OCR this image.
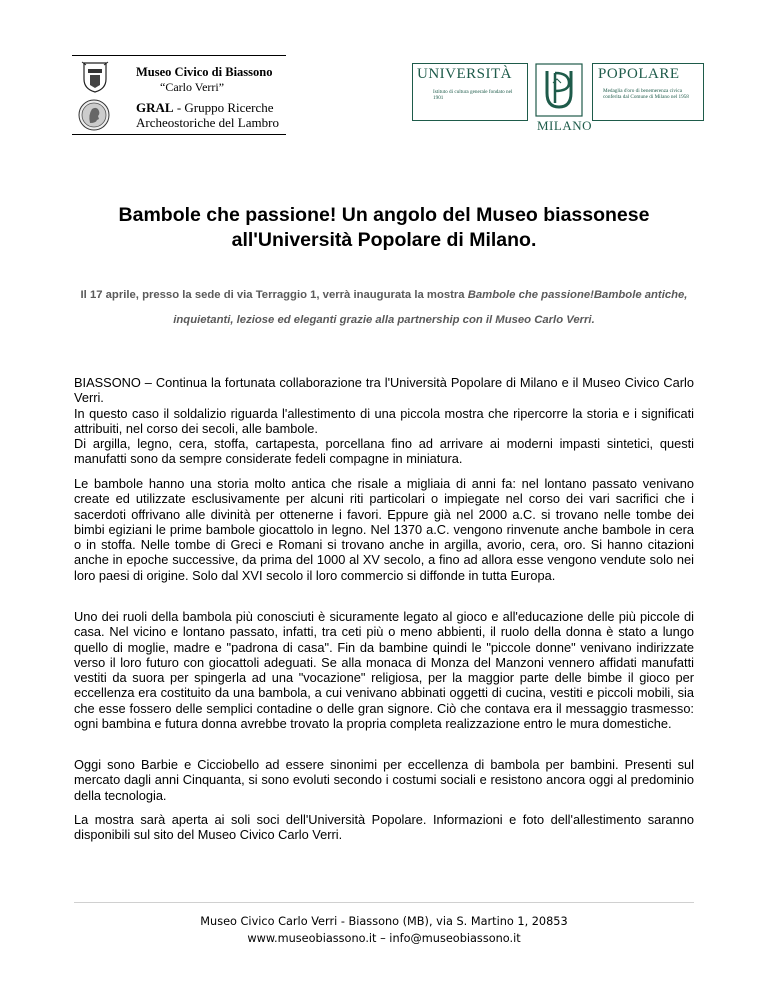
Museo Civico di Biassono
“Carlo Verri”
GRAL - Gruppo Ricerche
Archeostoriche del Lambro
UNIVERSITÀ
Istituto di cultura generale fondato nel 1901
MILANO
POPOLARE
Medaglia d'oro di benemerenza civica conferita dal Comune di Milano nel 1958
Bambole che passione! Un angolo del Museo biassonese
all'Università Popolare di Milano.
Il 17 aprile, presso la sede di via Terraggio 1, verrà inaugurata la mostra Bambole che passione!Bambole antiche, inquietanti, leziose ed eleganti grazie alla partnership con il Museo Carlo Verri.

BIASSONO – Continua la fortunata collaborazione tra l'Università Popolare di Milano e il Museo Civico Carlo Verri.

In questo caso il soldalizio riguarda l'allestimento di una piccola mostra che ripercorre la storia e i significati attribuiti, nel corso dei secoli, alle bambole.

Di argilla, legno, cera, stoffa, cartapesta, porcellana fino ad arrivare ai moderni impasti sintetici, questi manufatti sono da sempre considerate fedeli compagne in miniatura.

Le bambole hanno una storia molto antica che risale a migliaia di anni fa: nel lontano passato venivano create ed utilizzate esclusivamente per alcuni riti particolari o impiegate nel corso dei vari sacrifici che i sacerdoti offrivano alle divinità per ottenerne i favori. Eppure già nel 2000 a.C. si trovano nelle tombe dei bimbi egiziani le prime bambole giocattolo in legno. Nel 1370 a.C. vengono rinvenute anche bambole in cera o in stoffa. Nelle tombe di Greci e Romani si trovano anche in argilla, avorio, cera, oro. Si hanno citazioni anche in epoche successive, da prima del 1000 al XV secolo, a fino ad allora esse vengono vendute solo nei loro paesi di origine. Solo dal XVI secolo il loro commercio si diffonde in tutta Europa.
Uno dei ruoli della bambola più conosciuti è sicuramente legato al gioco e all'educazione delle più piccole di casa. Nel vicino e lontano passato, infatti, tra ceti più o meno abbienti, il ruolo della donna è stato a lungo quello di moglie, madre e "padrona di casa". Fin da bambine quindi le "piccole donne" venivano indirizzate verso il loro futuro con giocattoli adeguati. Se alla monaca di Monza del Manzoni vennero affidati manufatti vestiti da suora per spingerla ad una "vocazione" religiosa, per la maggior parte delle bimbe il gioco per eccellenza era costituito da una bambola, a cui venivano abbinati oggetti di cucina, vestiti e piccoli mobili, sia che esse fossero delle semplici contadine o delle gran signore. Ciò che contava era il messaggio trasmesso: ogni bambina e futura donna avrebbe trovato la propria completa realizzazione entro le mura domestiche.
Oggi sono Barbie e Cicciobello ad essere sinonimi per eccellenza di bambola per bambini. Presenti sul mercato dagli anni Cinquanta, si sono evoluti secondo i costumi sociali e resistono ancora oggi al predominio della tecnologia.
La mostra sarà aperta ai soli soci dell'Università Popolare. Informazioni e foto dell'allestimento saranno disponibili sul sito del Museo Civico Carlo Verri.
Museo Civico Carlo Verri - Biassono (MB), via S. Martino 1, 20853
www.museobiassono.it – info@museobiassono.it
